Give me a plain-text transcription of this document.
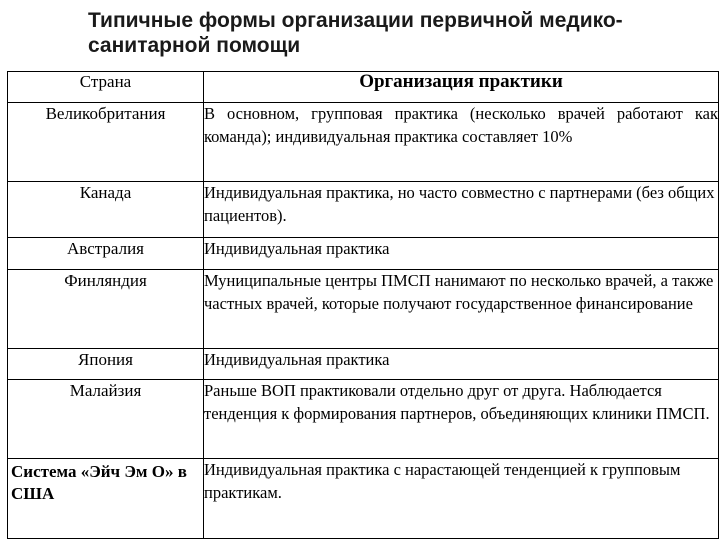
Типичные формы организации первичной медико-санитарной помощи
Страна	Организация практики
Великобритания	В основном, групповая практика (несколько врачей работают как команда); индивидуальная практика составляет 10%
Канада	Индивидуальная практика, но часто совместно с партнерами (без общих пациентов).
Австралия	Индивидуальная практика
Финляндия	Муниципальные центры ПМСП нанимают по несколько врачей, а также частных врачей, которые получают государственное финансирование
Япония	Индивидуальная практика
Малайзия	Раньше ВОП практиковали отдельно друг от друга. Наблюдается тенденция к формирования партнеров, объединяющих клиники ПМСП.
Система «Эйч Эм О» в США	Индивидуальная практика с нарастающей тенденцией к групповым практикам.
